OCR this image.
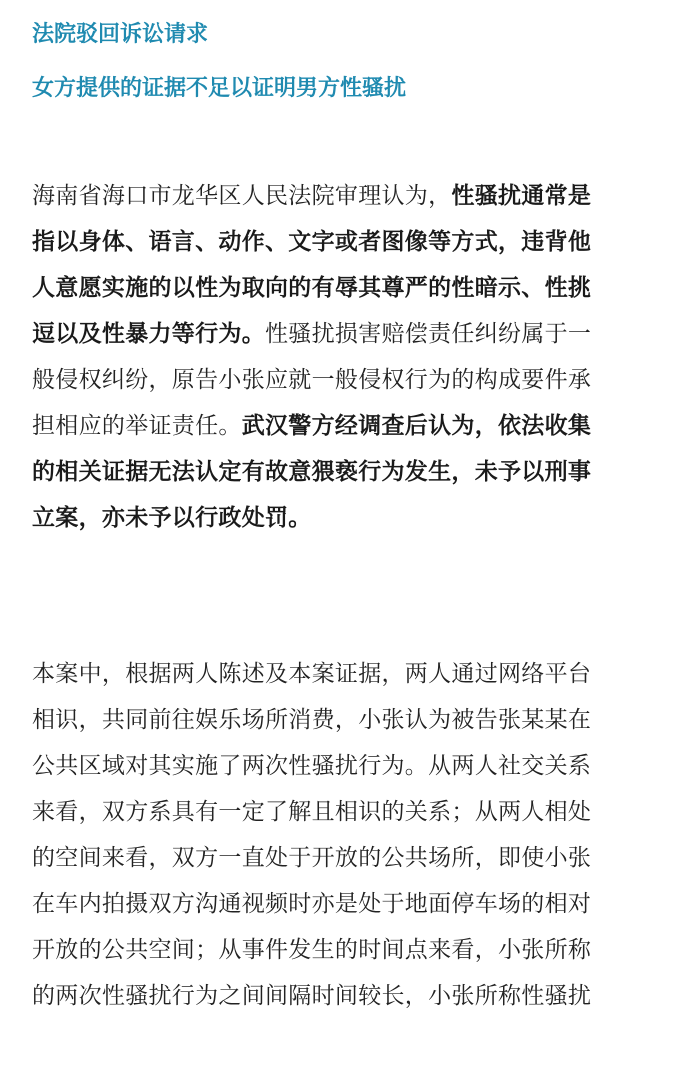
法院驳回诉讼请求
女方提供的证据不足以证明男方性骚扰

海南省海口市龙华区人民法院审理认为，性骚扰通常是
指以身体、语言、动作、文字或者图像等方式，违背他
人意愿实施的以性为取向的有辱其尊严的性暗示、性挑
逗以及性暴力等行为。性骚扰损害赔偿责任纠纷属于一
般侵权纠纷，原告小张应就一般侵权行为的构成要件承
担相应的举证责任。武汉警方经调查后认为，依法收集
的相关证据无法认定有故意猥亵行为发生，未予以刑事
立案，亦未予以行政处罚。

本案中，根据两人陈述及本案证据，两人通过网络平台
相识，共同前往娱乐场所消费，小张认为被告张某某在
公共区域对其实施了两次性骚扰行为。从两人社交关系
来看，双方系具有一定了解且相识的关系；从两人相处
的空间来看，双方一直处于开放的公共场所，即使小张
在车内拍摄双方沟通视频时亦是处于地面停车场的相对
开放的公共空间；从事件发生的时间点来看，小张所称
的两次性骚扰行为之间间隔时间较长，小张所称性骚扰
